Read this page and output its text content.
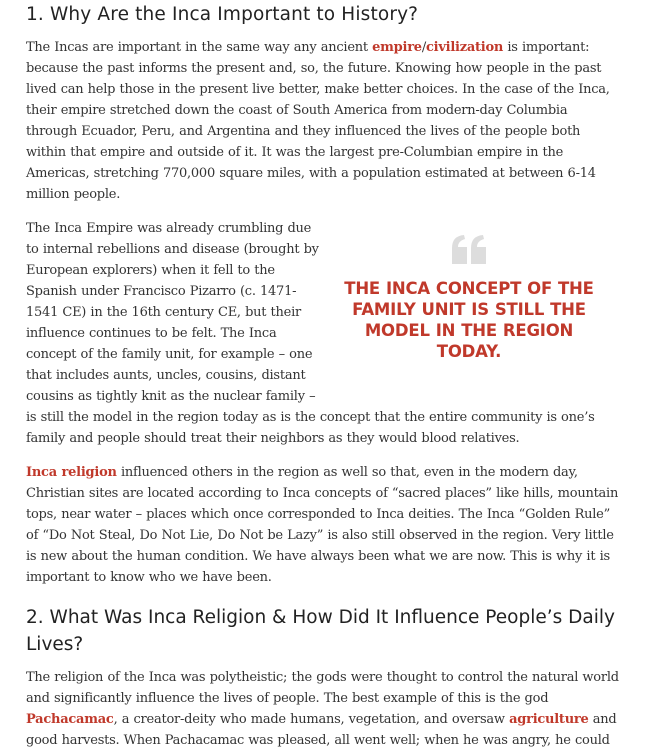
1. Why Are the Inca Important to History?

The Incas are important in the same way any ancient empire/civilization is important: because the past informs the present and, so, the future. Knowing how people in the past lived can help those in the present live better, make better choices. In the case of the Inca, their empire stretched down the coast of South America from modern-day Columbia through Ecuador, Peru, and Argentina and they influenced the lives of the people both within that empire and outside of it. It was the largest pre-Columbian empire in the Americas, stretching 770,000 square miles, with a population estimated at between 6-14 million people.

THE INCA CONCEPT OF THE FAMILY UNIT IS STILL THE MODEL IN THE REGION TODAY.
The Inca Empire was already crumbling due to internal rebellions and disease (brought by European explorers) when it fell to the Spanish under Francisco Pizarro (c. 1471-1541 CE) in the 16th century CE, but their influence continues to be felt. The Inca concept of the family unit, for example – one that includes aunts, uncles, cousins, distant cousins as tightly knit as the nuclear family – is still the model in the region today as is the concept that the entire community is one’s family and people should treat their neighbors as they would blood relatives.

Inca religion influenced others in the region as well so that, even in the modern day, Christian sites are located according to Inca concepts of “sacred places” like hills, mountain tops, near water – places which once corresponded to Inca deities. The Inca “Golden Rule” of “Do Not Steal, Do Not Lie, Do Not be Lazy” is also still observed in the region. Very little is new about the human condition. We have always been what we are now. This is why it is important to know who we have been.

2. What Was Inca Religion & How Did It Influence People’s Daily Lives?

The religion of the Inca was polytheistic; the gods were thought to control the natural world and significantly influence the lives of people. The best example of this is the god Pachacamac, a creator-deity who made humans, vegetation, and oversaw agriculture and good harvests. When Pachacamac was pleased, all went well; when he was angry, he could
